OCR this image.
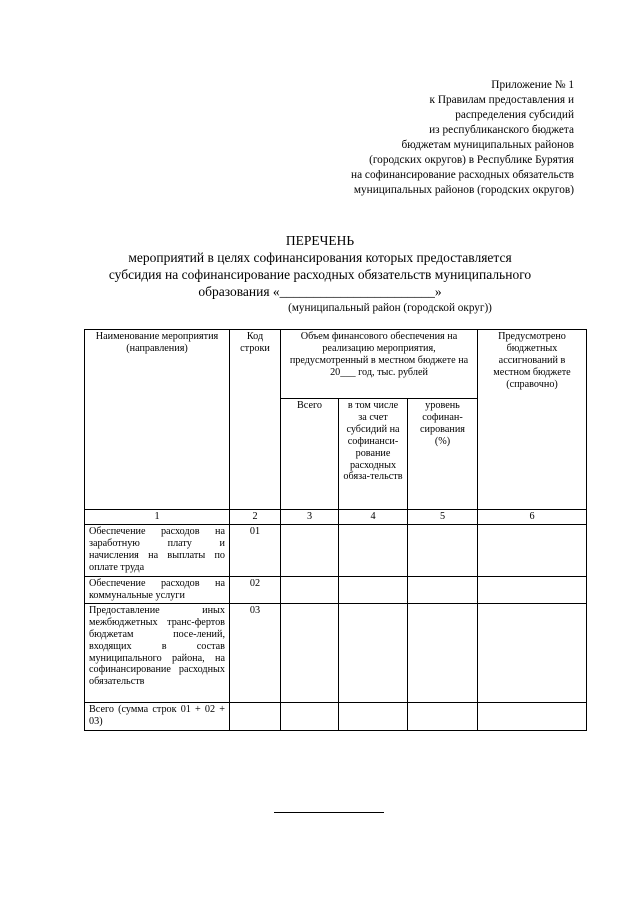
Приложение № 1
к Правилам предоставления и
распределения субсидий
из республиканского бюджета
бюджетам муниципальных районов
(городских округов) в Республике Бурятия
на софинансирование расходных обязательств
муниципальных районов (городских округов)
ПЕРЕЧЕНЬ
мероприятий в целях софинансирования которых предоставляется
субсидия на софинансирование расходных обязательств муниципального
образования «_______________________»
(муниципальный район (городской округ))
Наименование мероприятия (направления)	Код строки	Объем финансового обеспечения на реализацию мероприятия, предусмотренный в местном бюджете на 20___ год, тыс. рублей			Предусмотрено бюджетных ассигнований в местном бюджете (справочно)
		Всего	в том числе за счет субсидий на софинанси-рование расходных обяза-тельств	уровень софинан-сирования (%)	
1	2	3	4	5	6
Обеспечение расходов на заработную плату и начисления на выплаты по оплате труда	01				
Обеспечение расходов на коммунальные услуги	02				
Предоставление иных межбюджетных транс-фертов бюджетам посе-лений, входящих в состав муниципального района, на софинансирование расходных обязательств	03				
Всего (сумма строк 01 + 02 + 03)					
